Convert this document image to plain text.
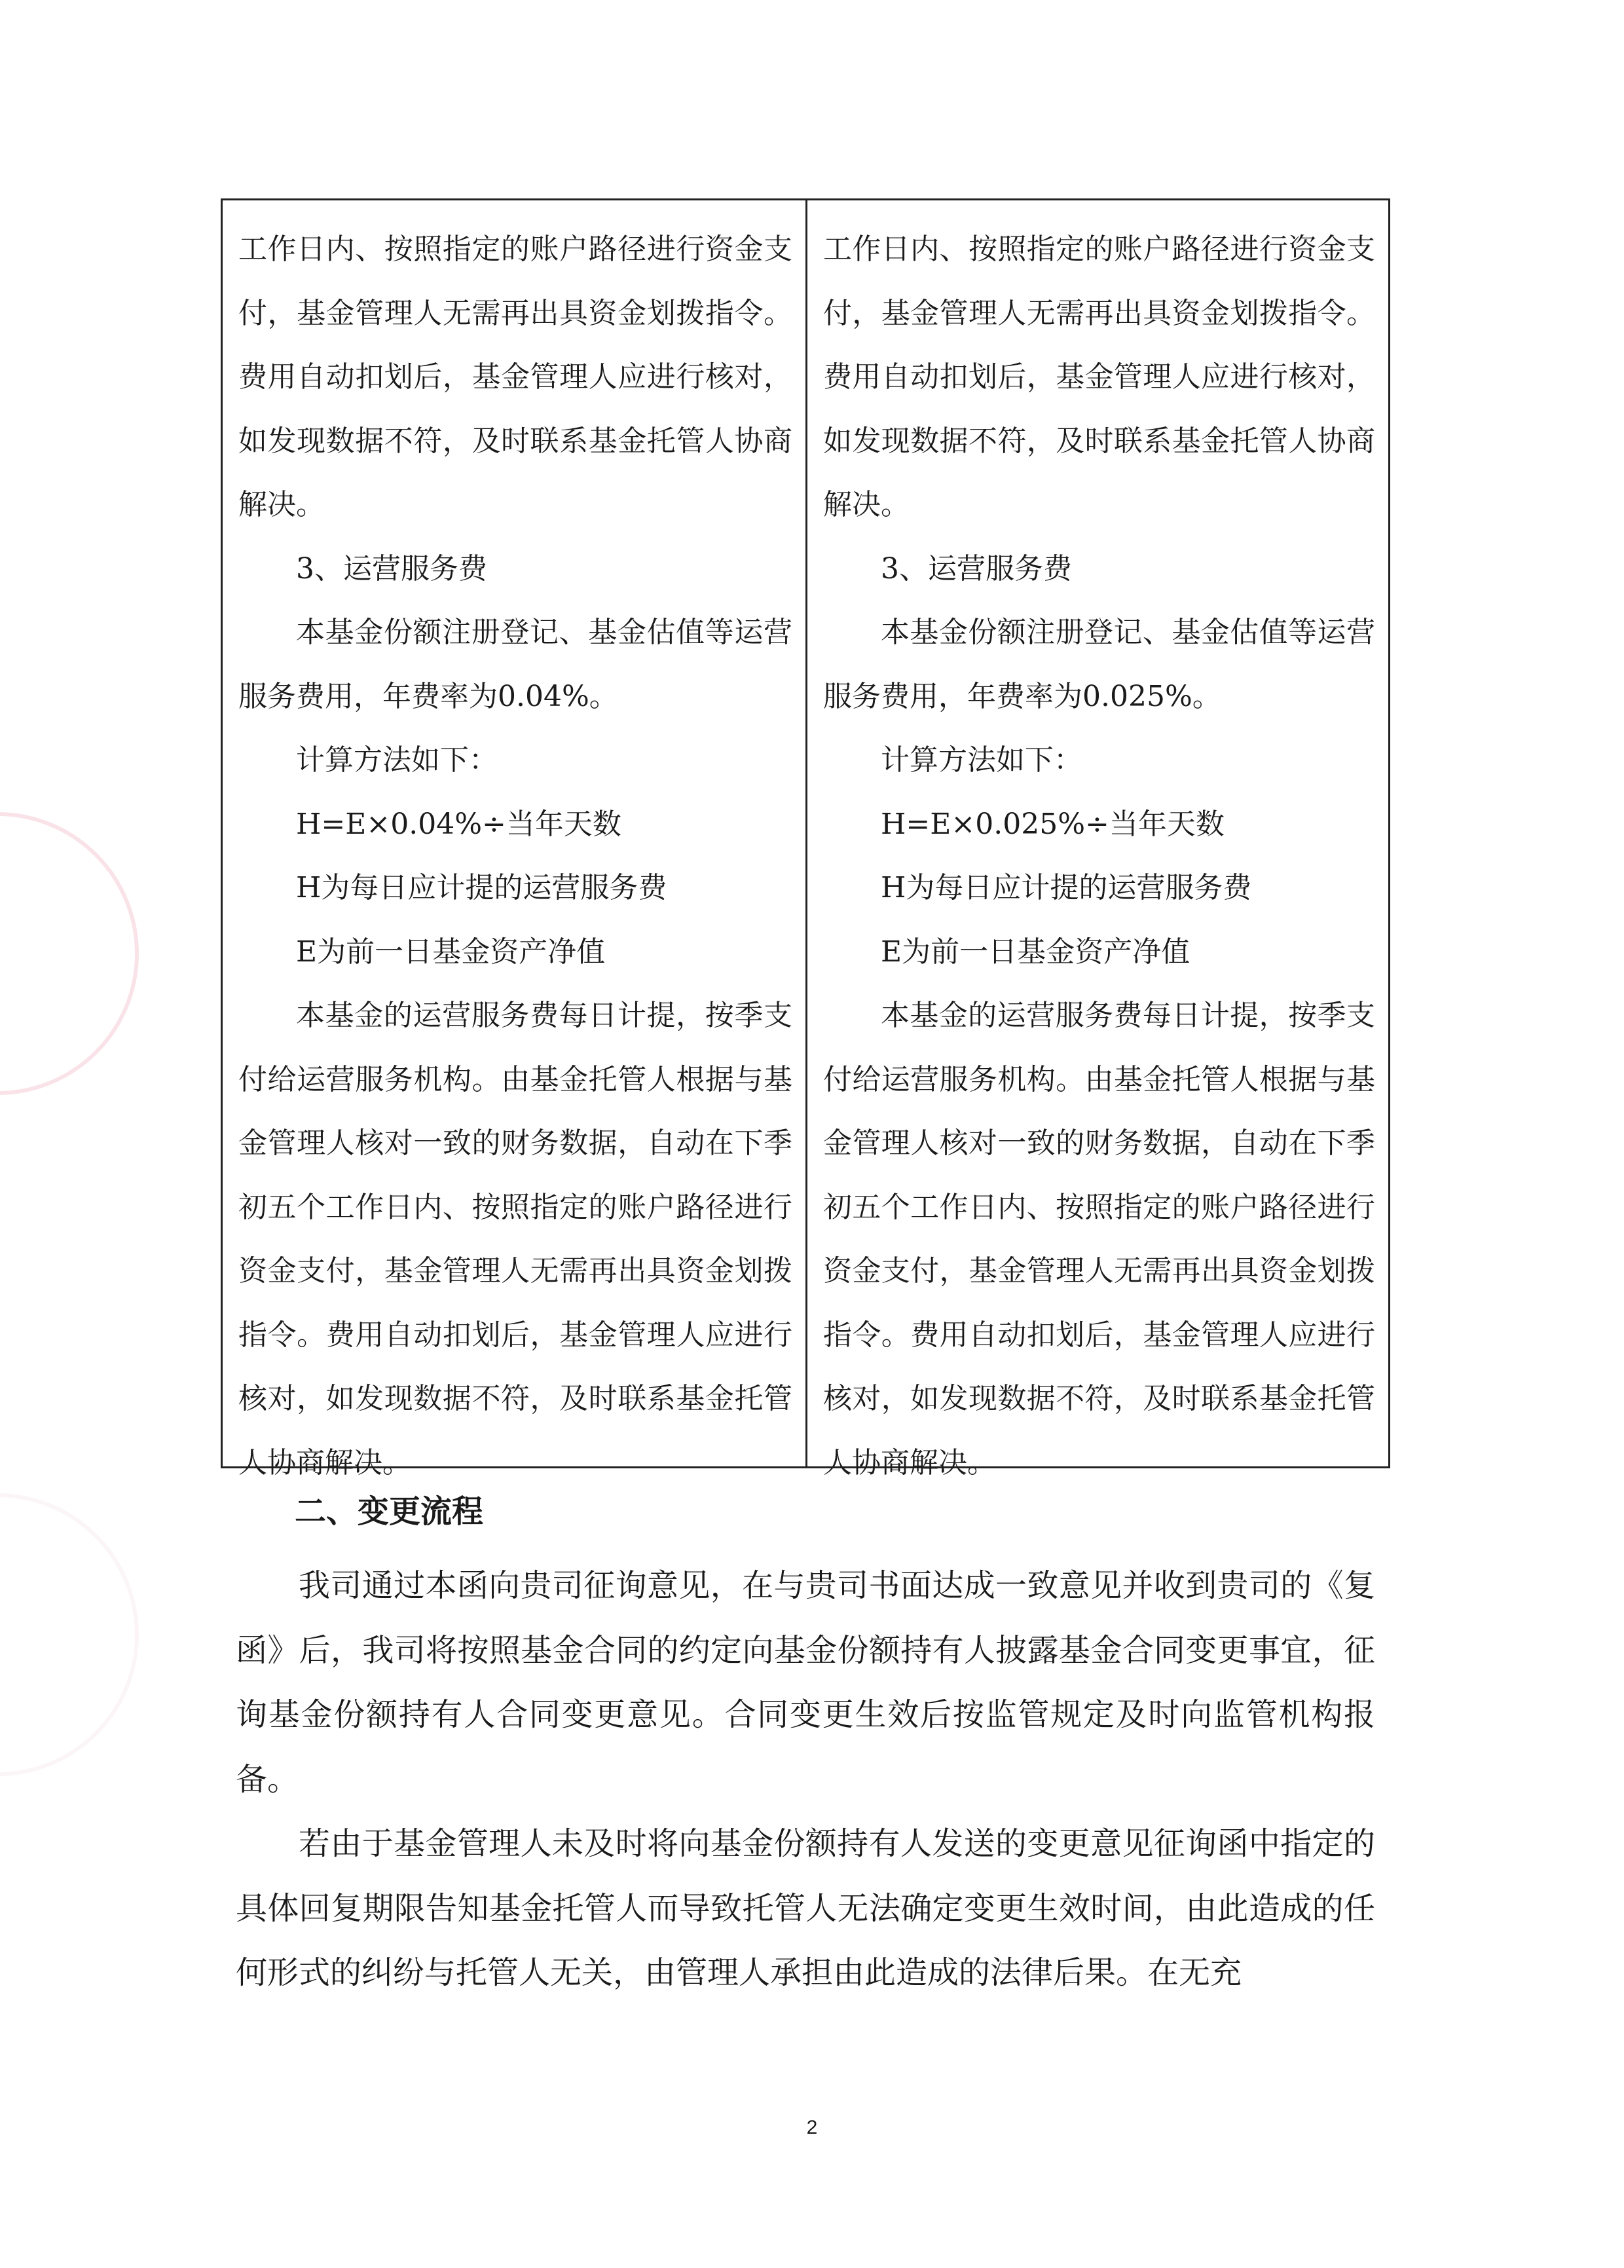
工作日内、按照指定的账户路径进行资金支付，基金管理人无需再出具资金划拨指令。费用自动扣划后，基金管理人应进行核对，如发现数据不符，及时联系基金托管人协商解决。

3、运营服务费

本基金份额注册登记、基金估值等运营服务费用，年费率为0.04%。

计算方法如下：

H=E×0.04%÷当年天数

H为每日应计提的运营服务费

E为前一日基金资产净值

本基金的运营服务费每日计提，按季支付给运营服务机构。由基金托管人根据与基金管理人核对一致的财务数据，自动在下季初五个工作日内、按照指定的账户路径进行资金支付，基金管理人无需再出具资金划拨指令。费用自动扣划后，基金管理人应进行核对，如发现数据不符，及时联系基金托管人协商解决。

工作日内、按照指定的账户路径进行资金支付，基金管理人无需再出具资金划拨指令。费用自动扣划后，基金管理人应进行核对，如发现数据不符，及时联系基金托管人协商解决。

3、运营服务费

本基金份额注册登记、基金估值等运营服务费用，年费率为0.025%。

计算方法如下：

H=E×0.025%÷当年天数

H为每日应计提的运营服务费

E为前一日基金资产净值

本基金的运营服务费每日计提，按季支付给运营服务机构。由基金托管人根据与基金管理人核对一致的财务数据，自动在下季初五个工作日内、按照指定的账户路径进行资金支付，基金管理人无需再出具资金划拨指令。费用自动扣划后，基金管理人应进行核对，如发现数据不符，及时联系基金托管人协商解决。

二、变更流程

我司通过本函向贵司征询意见，在与贵司书面达成一致意见并收到贵司的《复函》后，我司将按照基金合同的约定向基金份额持有人披露基金合同变更事宜，征询基金份额持有人合同变更意见。合同变更生效后按监管规定及时向监管机构报备。

若由于基金管理人未及时将向基金份额持有人发送的变更意见征询函中指定的具体回复期限告知基金托管人而导致托管人无法确定变更生效时间，由此造成的任何形式的纠纷与托管人无关，由管理人承担由此造成的法律后果。在无充

2
